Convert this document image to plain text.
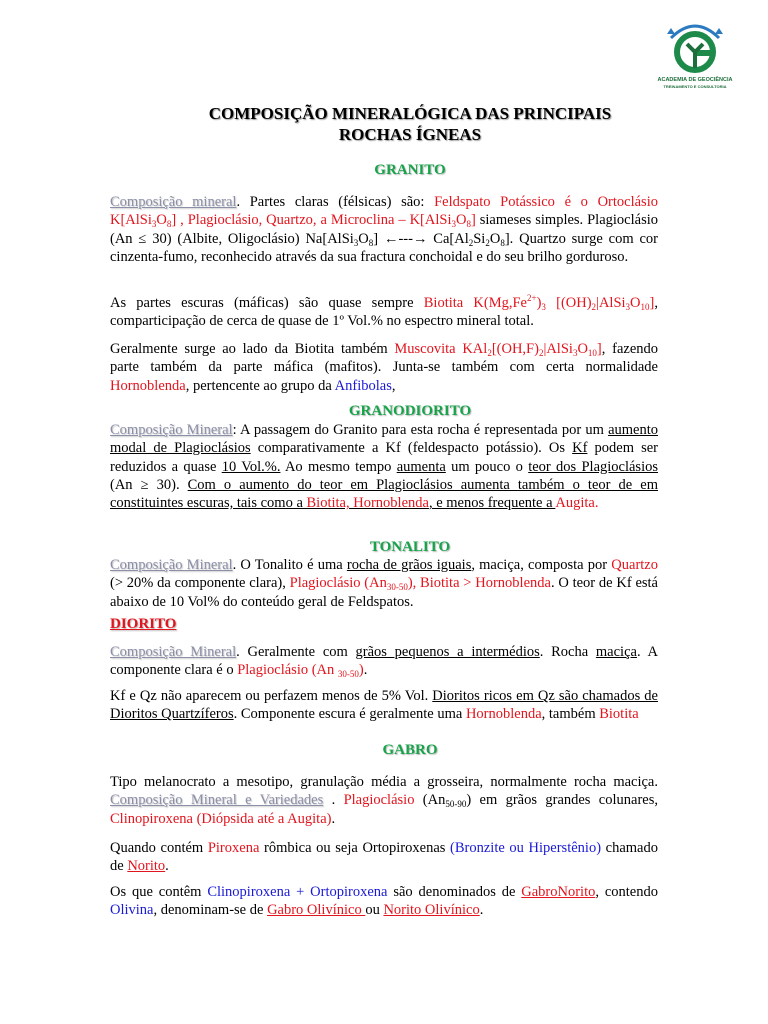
ACADEMIA DE GEOCIÊNCIA
TREINAMENTO E CONSULTORIA
COMPOSIÇÃO MINERALÓGICA DAS PRINCIPAIS
ROCHAS ÍGNEAS
GRANITO
Composição mineral. Partes claras (félsicas) são: Feldspato Potássico é o Ortoclásio $K[AlSi_3O_8]$ , Plagioclásio, Quartzo, a Microclina – $K[AlSi_3O_8]$ siameses simples. Plagioclásio (An ≤ 30) (Albite, Oligoclásio) $Na[AlSi_3O_8]$ ←---→ $Ca[Al_2Si_2O_8]$. Quartzo surge com cor cinzenta-fumo, reconhecido através da sua fractura conchoidal e do seu brilho gorduroso.
As partes escuras (máficas) são quase sempre Biotita $K(Mg,Fe^{2+})_3$ $[(OH)_2|AlSi_3O_{10}]$, comparticipação de cerca de quase de 1º Vol.% no espectro mineral total.
Geralmente surge ao lado da Biotita também Muscovita $KAl_2[(OH,F)_2|AlSi_3O_{10}]$, fazendo parte também da parte máfica (mafitos). Junta-se também com certa normalidade Hornoblenda, pertencente ao grupo da Anfibolas,
GRANODIORITO
Composição Mineral: A passagem do Granito para esta rocha é representada por um aumento modal de Plagioclásios comparativamente a Kf (feldespacto potássio). Os Kf podem ser reduzidos a quase 10 Vol.%. Ao mesmo tempo aumenta um pouco o teor dos Plagioclásios (An ≥ 30). Com o aumento do teor em Plagioclásios aumenta também o teor de em constituintes escuras, tais como a Biotita, Hornoblenda, e menos frequente a Augita.
TONALITO
Composição Mineral. O Tonalito é uma rocha de grãos iguais, maciça, composta por Quartzo (> 20% da componente clara), Plagioclásio $(An_{30-50})$, Biotita > Hornoblenda. O teor de Kf está abaixo de 10 Vol% do conteúdo geral de Feldspatos.
DIORITO
Composição Mineral. Geralmente com grãos pequenos a intermédios. Rocha maciça. A componente clara é o Plagioclásio (An $_{30-50}$).
Kf e Qz não aparecem ou perfazem menos de 5% Vol. Dioritos ricos em Qz são chamados de Dioritos Quartzíferos. Componente escura é geralmente uma Hornoblenda, também Biotita
GABRO
Tipo melanocrato a mesotipo, granulação média a grosseira, normalmente rocha maciça. Composição Mineral e Variedades . Plagioclásio $(An_{50-90})$ em grãos grandes colunares, Clinopiroxena (Diópsida até a Augita).
Quando contém Piroxena rômbica ou seja Ortopiroxenas (Bronzite ou Hiperstênio) chamado de Norito.
Os que contêm Clinopiroxena + Ortopiroxena são denominados de GabroNorito, contendo Olivina, denominam-se de Gabro Olivínico ou Norito Olivínico.
